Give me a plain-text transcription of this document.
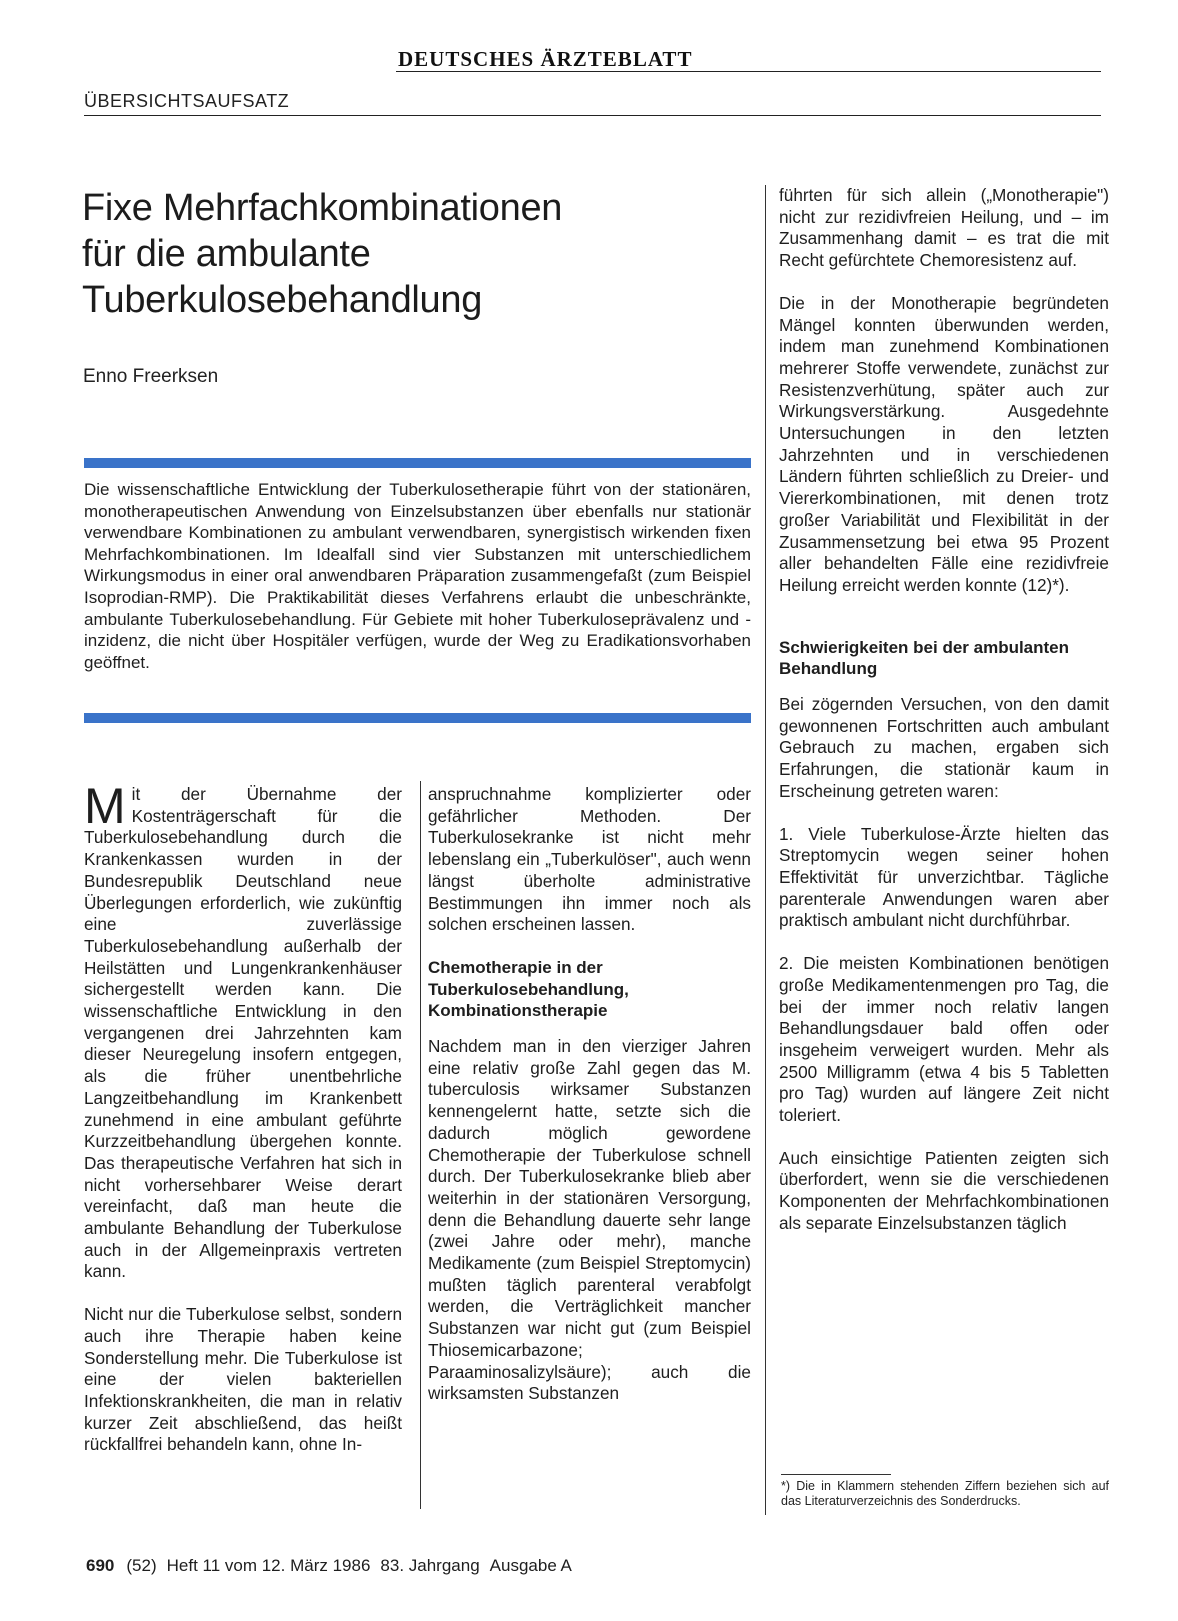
DEUTSCHES ÄRZTEBLATT
ÜBERSICHTSAUFSATZ
Fixe Mehrfachkombinationen
für die ambulante
Tuberkulosebehandlung
Enno Freerksen
Die wissenschaftliche Entwicklung der Tuberkulosetherapie führt von der stationären, monotherapeutischen Anwendung von Einzelsubstanzen über ebenfalls nur stationär verwendbare Kombinationen zu ambulant verwendbaren, synergistisch wirkenden fixen Mehrfachkombinationen. Im Idealfall sind vier Substanzen mit unterschiedlichem Wirkungsmodus in einer oral anwendbaren Präparation zusammengefaßt (zum Beispiel Isoprodian-RMP). Die Praktikabilität dieses Verfahrens erlaubt die unbeschränkte, ambulante Tuberkulosebehandlung. Für Gebiete mit hoher Tuberkuloseprävalenz und -inzidenz, die nicht über Hospitäler verfügen, wurde der Weg zu Eradikationsvorhaben geöffnet.

Mit der Übernahme der Kostenträgerschaft für die Tuberkulosebehandlung durch die Krankenkassen wurden in der Bundesrepublik Deutschland neue Überlegungen erforderlich, wie zukünftig eine zuverlässige Tuberkulosebehandlung außerhalb der Heilstätten und Lungenkrankenhäuser sichergestellt werden kann. Die wissenschaftliche Entwicklung in den vergangenen drei Jahrzehnten kam dieser Neuregelung insofern entgegen, als die früher unentbehrliche Langzeitbehandlung im Krankenbett zunehmend in eine ambulant geführte Kurzzeitbehandlung übergehen konnte. Das therapeutische Verfahren hat sich in nicht vorhersehbarer Weise derart vereinfacht, daß man heute die ambulante Behandlung der Tuberkulose auch in der Allgemeinpraxis vertreten kann.

Nicht nur die Tuberkulose selbst, sondern auch ihre Therapie haben keine Sonderstellung mehr. Die Tuberkulose ist eine der vielen bakteriellen Infektionskrankheiten, die man in relativ kurzer Zeit abschließend, das heißt rückfallfrei behandeln kann, ohne In-

anspruchnahme komplizierter oder gefährlicher Methoden. Der Tuberkulosekranke ist nicht mehr lebenslang ein „Tuberkulöser", auch wenn längst überholte administrative Bestimmungen ihn immer noch als solchen erscheinen lassen.

Chemotherapie in der Tuberkulosebehandlung, Kombinationstherapie

Nachdem man in den vierziger Jahren eine relativ große Zahl gegen das M. tuberculosis wirksamer Substanzen kennengelernt hatte, setzte sich die dadurch möglich gewordene Chemotherapie der Tuberkulose schnell durch. Der Tuberkulosekranke blieb aber weiterhin in der stationären Versorgung, denn die Behandlung dauerte sehr lange (zwei Jahre oder mehr), manche Medikamente (zum Beispiel Streptomycin) mußten täglich parenteral verabfolgt werden, die Verträglichkeit mancher Substanzen war nicht gut (zum Beispiel Thiosemicarbazone; Paraaminosalizylsäure); auch die wirksamsten Substanzen

führten für sich allein („Monotherapie") nicht zur rezidivfreien Heilung, und – im Zusammenhang damit – es trat die mit Recht gefürchtete Chemoresistenz auf.

Die in der Monotherapie begründeten Mängel konnten überwunden werden, indem man zunehmend Kombinationen mehrerer Stoffe verwendete, zunächst zur Resistenzverhütung, später auch zur Wirkungsverstärkung. Ausgedehnte Untersuchungen in den letzten Jahrzehnten und in verschiedenen Ländern führten schließlich zu Dreier- und Viererkombinationen, mit denen trotz großer Variabilität und Flexibilität in der Zusammensetzung bei etwa 95 Prozent aller behandelten Fälle eine rezidivfreie Heilung erreicht werden konnte (12)*).

Schwierigkeiten bei der ambulanten Behandlung

Bei zögernden Versuchen, von den damit gewonnenen Fortschritten auch ambulant Gebrauch zu machen, ergaben sich Erfahrungen, die stationär kaum in Erscheinung getreten waren:

1. Viele Tuberkulose-Ärzte hielten das Streptomycin wegen seiner hohen Effektivität für unverzichtbar. Tägliche parenterale Anwendungen waren aber praktisch ambulant nicht durchführbar.

2. Die meisten Kombinationen benötigen große Medikamentenmengen pro Tag, die bei der immer noch relativ langen Behandlungsdauer bald offen oder insgeheim verweigert wurden. Mehr als 2500 Milligramm (etwa 4 bis 5 Tabletten pro Tag) wurden auf längere Zeit nicht toleriert.

Auch einsichtige Patienten zeigten sich überfordert, wenn sie die verschiedenen Komponenten der Mehrfachkombinationen als separate Einzelsubstanzen täglich

*) Die in Klammern stehenden Ziffern beziehen sich auf das Literaturverzeichnis des Sonderdrucks.
690 (52) Heft 11 vom 12. März 1986 83. Jahrgang Ausgabe A
